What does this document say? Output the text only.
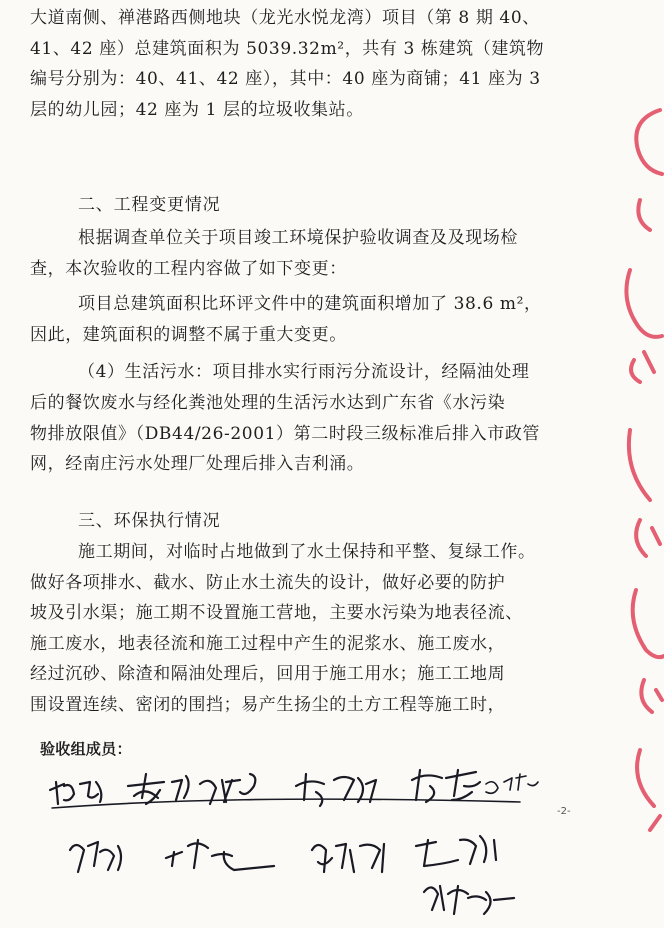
大道南侧、禅港路西侧地块（龙光水悦龙湾）项目（第 8 期 40、
41、42 座）总建筑面积为 5039.32m²，共有 3 栋建筑（建筑物
编号分别为：40、41、42 座），其中：40 座为商铺；41 座为 3
层的幼儿园；42 座为 1 层的垃圾收集站。
二、工程变更情况
根据调查单位关于项目竣工环境保护验收调查及及现场检
查，本次验收的工程内容做了如下变更：
项目总建筑面积比环评文件中的建筑面积增加了 38.6 m²，
因此，建筑面积的调整不属于重大变更。
（4）生活污水：项目排水实行雨污分流设计，经隔油处理
后的餐饮废水与经化粪池处理的生活污水达到广东省《水污染
物排放限值》（DB44/26-2001）第二时段三级标准后排入市政管
网，经南庄污水处理厂处理后排入吉利涌。
三、环保执行情况
施工期间，对临时占地做到了水土保持和平整、复绿工作。
做好各项排水、截水、防止水土流失的设计，做好必要的防护
坡及引水渠；施工期不设置施工营地，主要水污染为地表径流、
施工废水，地表径流和施工过程中产生的泥浆水、施工废水，
经过沉砂、除渣和隔油处理后，回用于施工用水；施工工地周
围设置连续、密闭的围挡；易产生扬尘的土方工程等施工时，
验收组成员：
-2-
